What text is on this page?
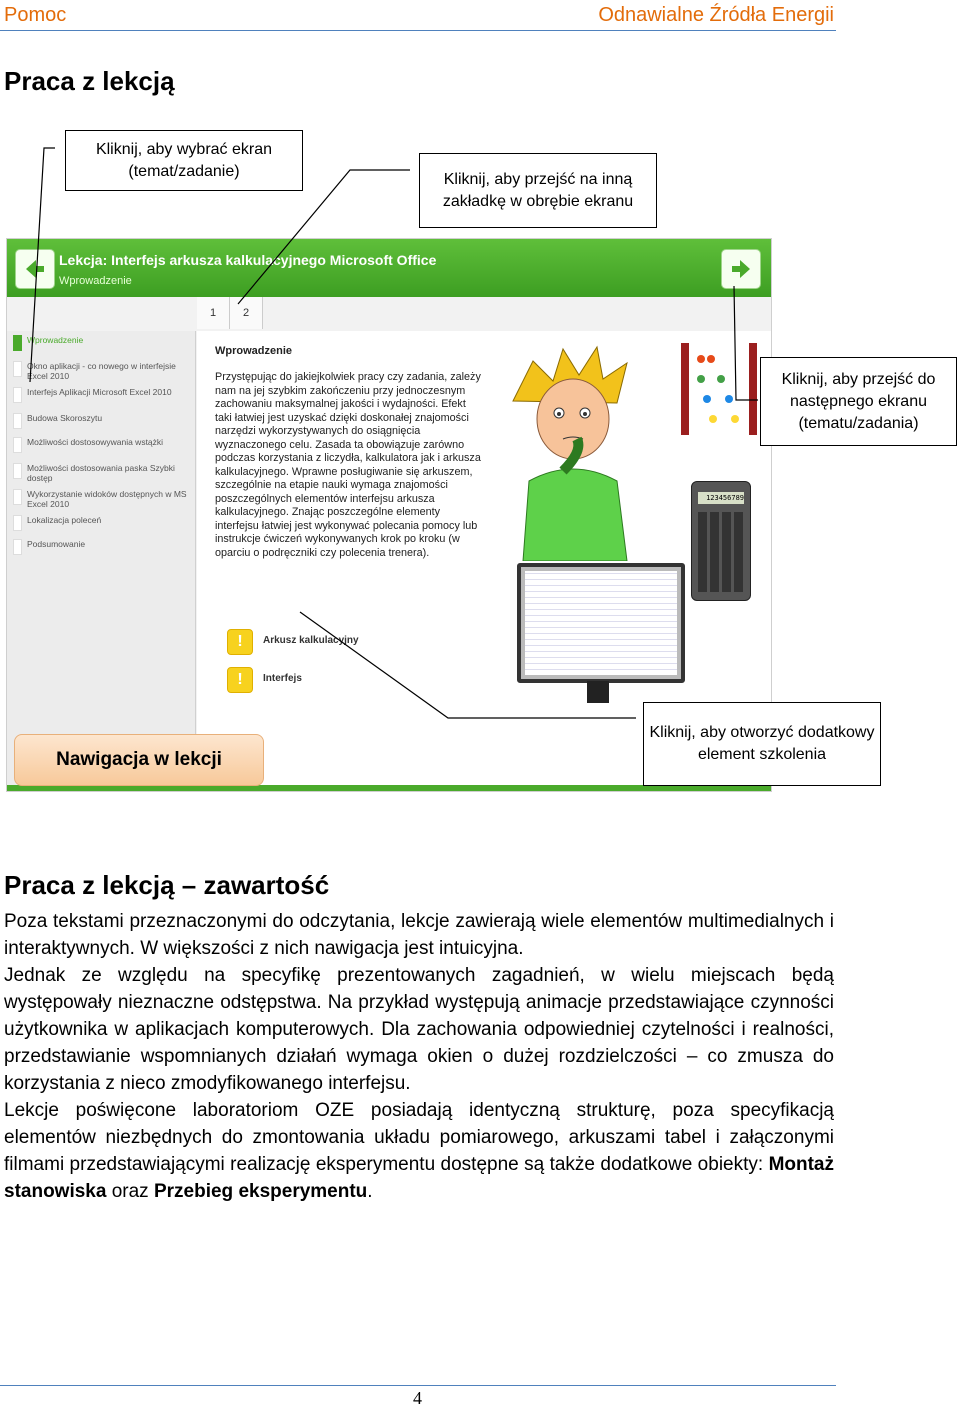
Pomoc	Odnawialne Źródła Energii
Praca z lekcją
Lekcja: Interfejs arkusza kalkulacyjnego Microsoft Office
Wprowadzenie
1	2
Wprowadzenie
Okno aplikacji - co nowego w interfejsie Excel 2010
Interfejs Aplikacji Microsoft Excel 2010
Budowa Skoroszytu
Możliwości dostosowywania wstążki
Możliwości dostosowania paska Szybki dostęp
Wykorzystanie widoków dostępnych w MS Excel 2010
Lokalizacja poleceń
Podsumowanie
Wprowadzenie
Przystępując do jakiejkolwiek pracy czy zadania, zależy nam na jej szybkim zakończeniu przy jednoczesnym zachowaniu maksymalnej jakości i wydajności. Efekt taki łatwiej jest uzyskać dzięki doskonałej znajomości narzędzi wykorzystywanych do osiągnięcia wyznaczonego celu. Zasada ta obowiązuje zarówno podczas korzystania z liczydła, kalkulatora jak i arkusza kalkulacyjnego. Wprawne posługiwanie się arkuszem, szczególnie na etapie nauki wymaga znajomości poszczególnych elementów interfejsu arkusza kalkulacyjnego. Znając poszczególne elementy interfejsu łatwiej jest wykonywać polecania pomocy lub instrukcje ćwiczeń wykonywanych krok po kroku (w oparciu o podręczniki czy polecenia trenera).
123456789
!	Arkusz kalkulacyjny
!	Interfejs
Kliknij, aby wybrać ekran (temat/zadanie)	Kliknij, aby przejść na inną zakładkę w obrębie ekranu
Kliknij, aby przejść do następnego ekranu (tematu/zadania)
Kliknij, aby otworzyć dodatkowy element szkolenia
Nawigacja w lekcji
Praca z lekcją – zawartość

Poza tekstami przeznaczonymi do odczytania, lekcje zawierają wiele elementów multimedialnych i interaktywnych. W większości z nich nawigacja jest intuicyjna.

Jednak ze względu na specyfikę prezentowanych zagadnień, w wielu miejscach będą występowały nieznaczne odstępstwa. Na przykład występują animacje przedstawiające czynności użytkownika w aplikacjach komputerowych. Dla zachowania odpowiedniej czytelności i realności, przedstawianie wspomnianych działań wymaga okien o dużej rozdzielczości – co zmusza do korzystania z nieco zmodyfikowanego interfejsu.

Lekcje poświęcone laboratoriom OZE posiadają identyczną strukturę, poza specyfikacją elementów niezbędnych do zmontowania układu pomiarowego, arkuszami tabel i załączonymi filmami przedstawiającymi realizację eksperymentu dostępne są także dodatkowe obiekty: Montaż stanowiska oraz Przebieg eksperymentu.

4
